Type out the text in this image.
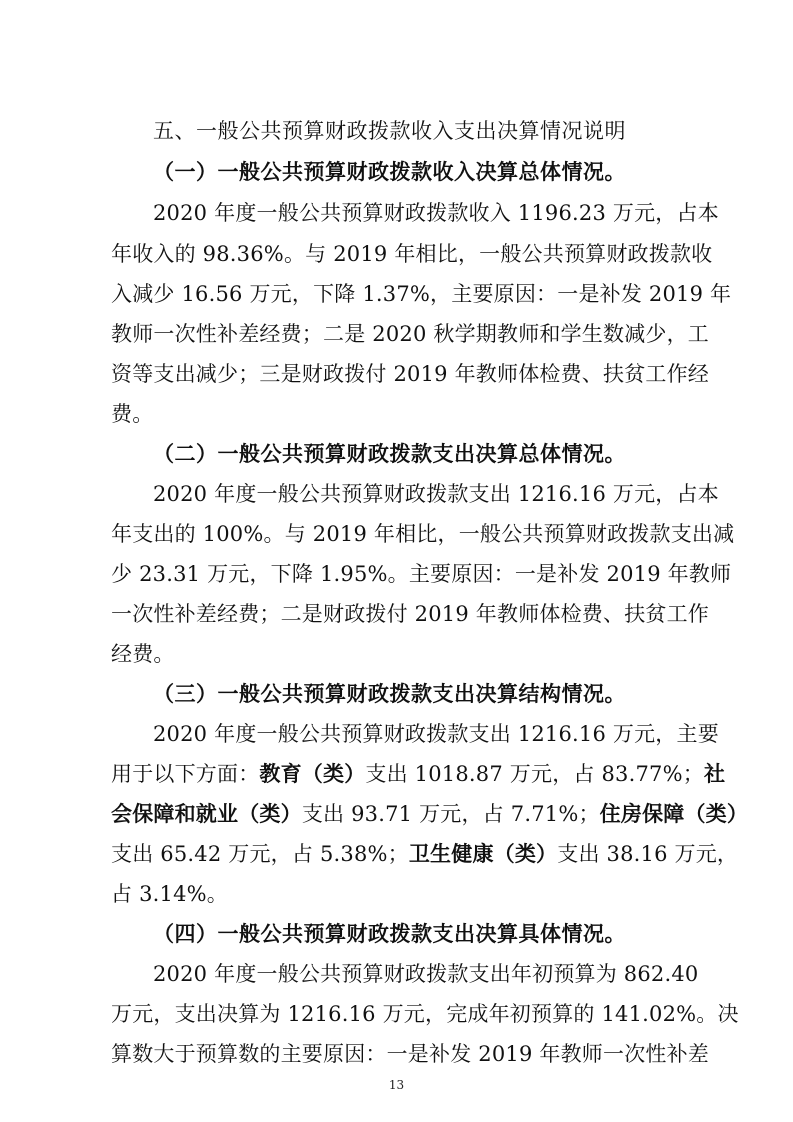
五、一般公共预算财政拨款收入支出决算情况说明
（一）一般公共预算财政拨款收入决算总体情况。
2020 年度一般公共预算财政拨款收入 1196.23 万元，占本
年收入的 98.36%。与 2019 年相比，一般公共预算财政拨款收
入减少 16.56 万元，下降 1.37%，主要原因：一是补发 2019 年
教师一次性补差经费；二是 2020 秋学期教师和学生数减少，工
资等支出减少；三是财政拨付 2019 年教师体检费、扶贫工作经
费。
（二）一般公共预算财政拨款支出决算总体情况。
2020 年度一般公共预算财政拨款支出 1216.16 万元，占本
年支出的 100%。与 2019 年相比，一般公共预算财政拨款支出减
少 23.31 万元，下降 1.95%。主要原因：一是补发 2019 年教师
一次性补差经费；二是财政拨付 2019 年教师体检费、扶贫工作
经费。
（三）一般公共预算财政拨款支出决算结构情况。
2020 年度一般公共预算财政拨款支出 1216.16 万元，主要
用于以下方面：教育（类）支出 1018.87 万元，占 83.77%；社
会保障和就业（类）支出 93.71 万元，占 7.71%；住房保障（类）
支出 65.42 万元，占 5.38%；卫生健康（类）支出 38.16 万元，
占 3.14%。
（四）一般公共预算财政拨款支出决算具体情况。
2020 年度一般公共预算财政拨款支出年初预算为 862.40
万元，支出决算为 1216.16 万元，完成年初预算的 141.02%。决
算数大于预算数的主要原因：一是补发 2019 年教师一次性补差
13
